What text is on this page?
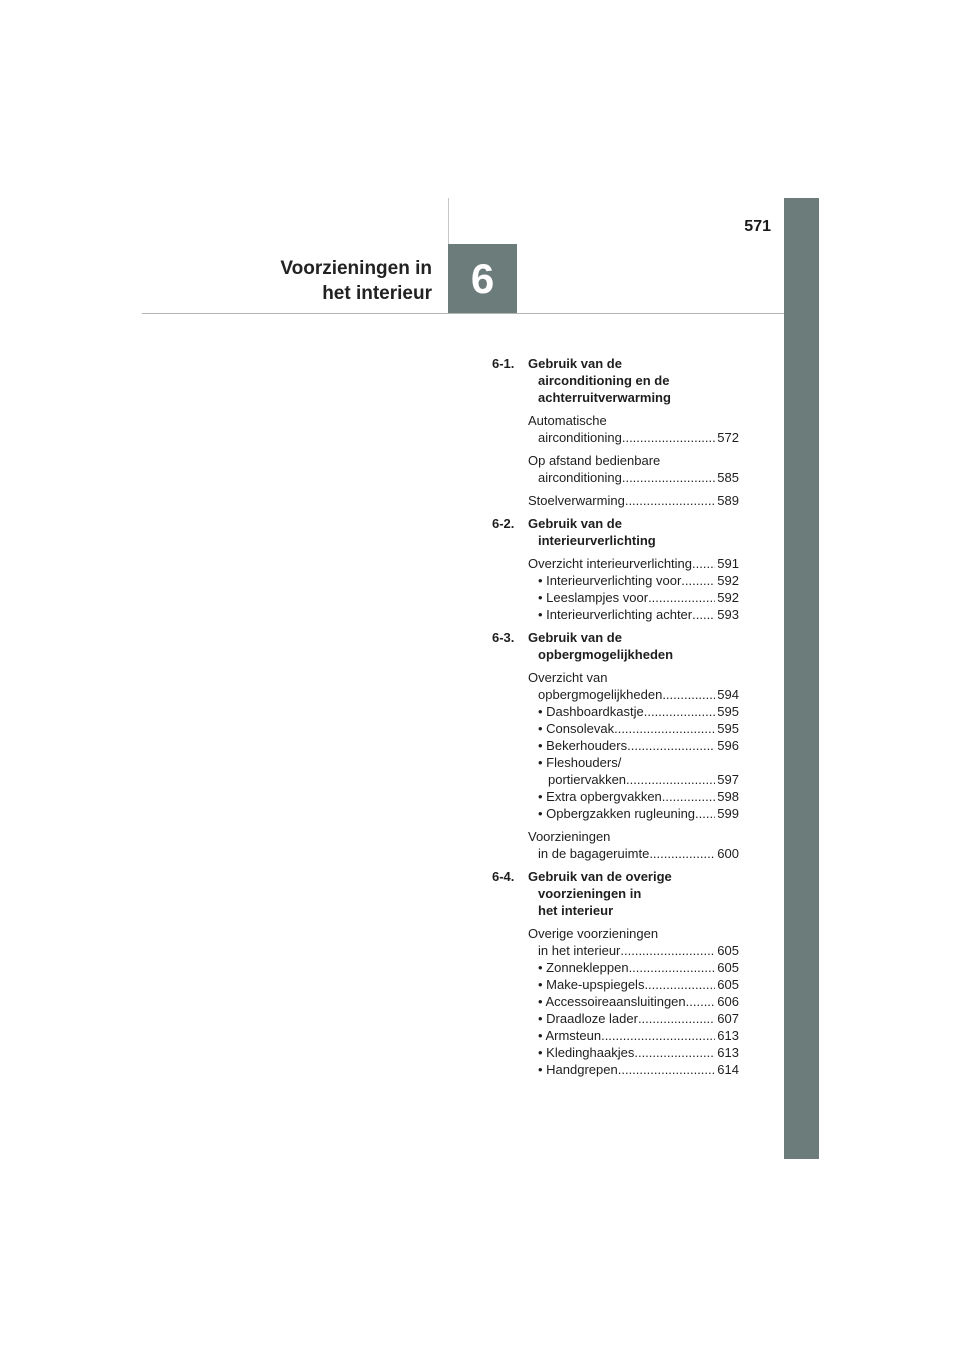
571
6
Voorzieningen in
het interieur
6-1. Gebruik van de
airconditioning en de
achterruitverwarming
Automatische
airconditioning .....	572
Op afstand bedienbare
airconditioning .....	585
Stoelverwarming .....	589
6-2. Gebruik van de
interieurverlichting
Overzicht interieurverlichting ..... 591
• Interieurverlichting voor .....	592
• Leeslampjes voor .....	592
• Interieurverlichting achter ..... 593
6-3. Gebruik van de
opbergmogelijkheden
Overzicht van
opbergmogelijkheden .....	594
• Dashboardkastje .....	595
• Consolevak .....	595
• Bekerhouders .....	596
• Fleshouders/
portiervakken .....	597
• Extra opbergvakken .....	598
• Opbergzakken rugleuning ..... 599
Voorzieningen
in de bagageruimte .....	600
6-4. Gebruik van de overige
voorzieningen in
het interieur
Overige voorzieningen
in het interieur .....	605
• Zonnekleppen .....	605
• Make-upspiegels .....	605
• Accessoireaansluitingen ..... 606
• Draadloze lader .....	607
• Armsteun .....	613
• Kledinghaakjes .....	613
• Handgrepen .....	614
